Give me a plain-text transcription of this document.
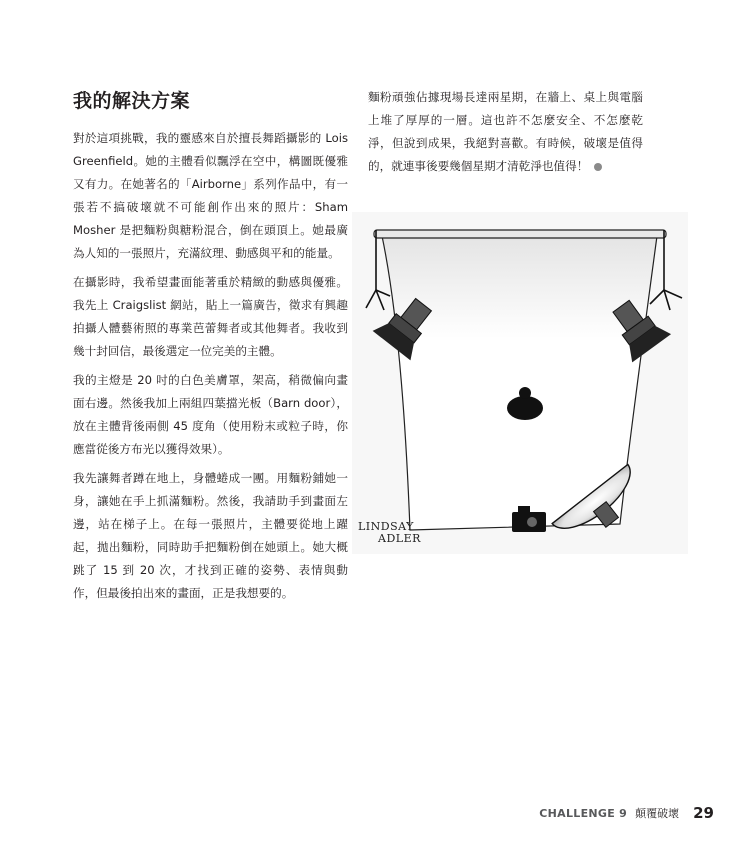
我的解決方案

對於這項挑戰，我的靈感來自於擅長舞蹈攝影的 Lois Greenfield。她的主體看似飄浮在空中，構圖既優雅又有力。在她著名的「Airborne」系列作品中，有一張若不搞破壞就不可能創作出來的照片：Sham Mosher 是把麵粉與糖粉混合，倒在頭頂上。她最廣為人知的一張照片，充滿紋理、動感與平和的能量。

在攝影時，我希望畫面能著重於精緻的動感與優雅。我先上 Craigslist 網站，貼上一篇廣告，徵求有興趣拍攝人體藝術照的專業芭蕾舞者或其他舞者。我收到幾十封回信，最後選定一位完美的主體。

我的主燈是 20 吋的白色美膚罩，架高，稍微偏向畫面右邊。然後我加上兩組四葉擋光板（Barn door），放在主體背後兩側 45 度角（使用粉末或粒子時，你應當從後方布光以獲得效果）。

我先讓舞者蹲在地上，身體蜷成一團。用麵粉鋪她一身，讓她在手上抓滿麵粉。然後，我請助手到畫面左邊，站在梯子上。在每一張照片，主體要從地上躍起，拋出麵粉，同時助手把麵粉倒在她頭上。她大概跳了 15 到 20 次，才找到正確的姿勢、表情與動作，但最後拍出來的畫面，正是我想要的。

麵粉頑強佔據現場長達兩星期，在牆上、桌上與電腦上堆了厚厚的一層。這也許不怎麼安全、不怎麼乾淨，但說到成果，我絕對喜歡。有時候，破壞是值得的，就連事後要幾個星期才清乾淨也值得！

LINDSAY
ADLER
CHALLENGE 9 顛覆破壞 29
